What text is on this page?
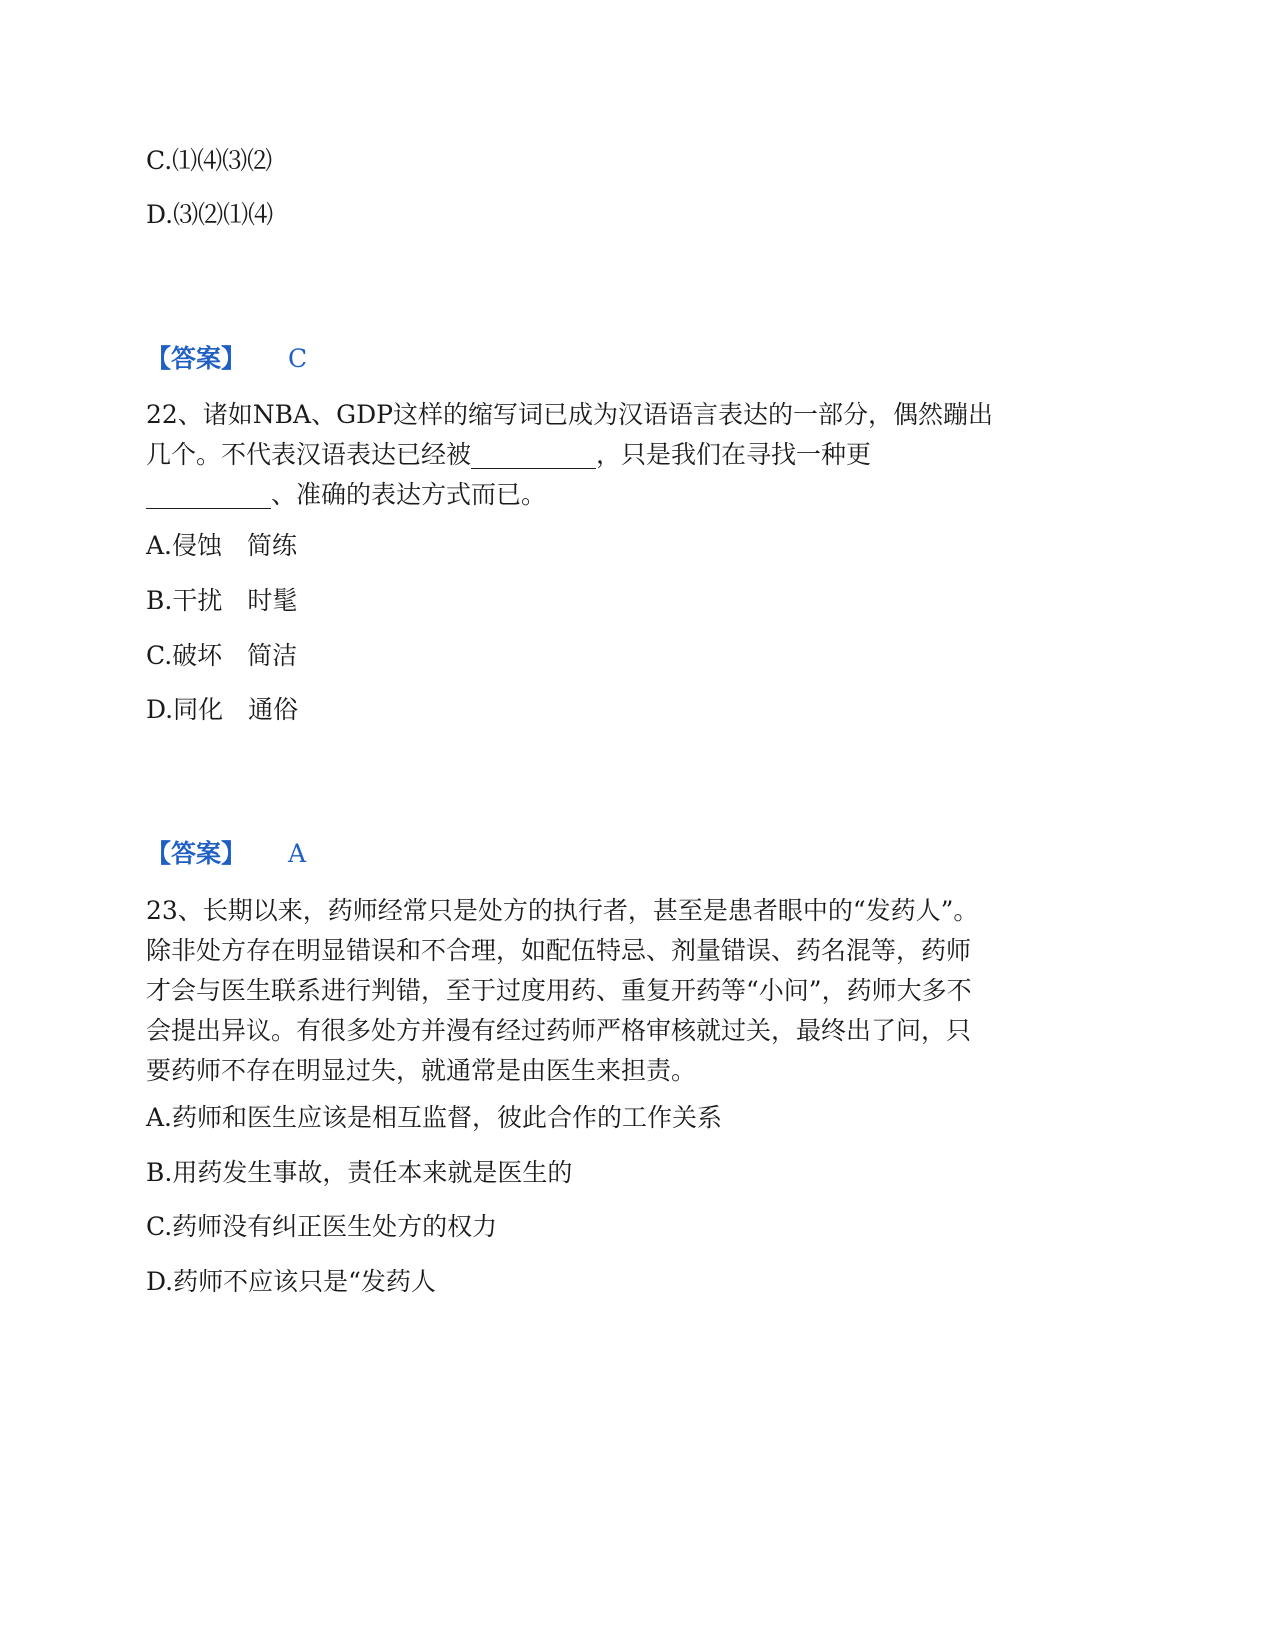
C.⑴⑷⑶⑵
D.⑶⑵⑴⑷
【答案】 C
22、诸如NBA、GDP这样的缩写词已成为汉语语言表达的一部分，偶然蹦出
几个。不代表汉语表达已经被__________，只是我们在寻找一种更
__________、准确的表达方式而已。
A.侵蚀　简练
B.干扰　时髦
C.破坏　简洁
D.同化　通俗
【答案】 A
23、长期以来，药师经常只是处方的执行者，甚至是患者眼中的“发药人”。
除非处方存在明显错误和不合理，如配伍特忌、剂量错误、药名混等，药师
才会与医生联系进行判错，至于过度用药、重复开药等“小问”，药师大多不
会提出异议。有很多处方并漫有经过药师严格审核就过关，最终出了问，只
要药师不存在明显过失，就通常是由医生来担责。
A.药师和医生应该是相互监督，彼此合作的工作关系
B.用药发生事故，责任本来就是医生的
C.药师没有纠正医生处方的权力
D.药师不应该只是“发药人
